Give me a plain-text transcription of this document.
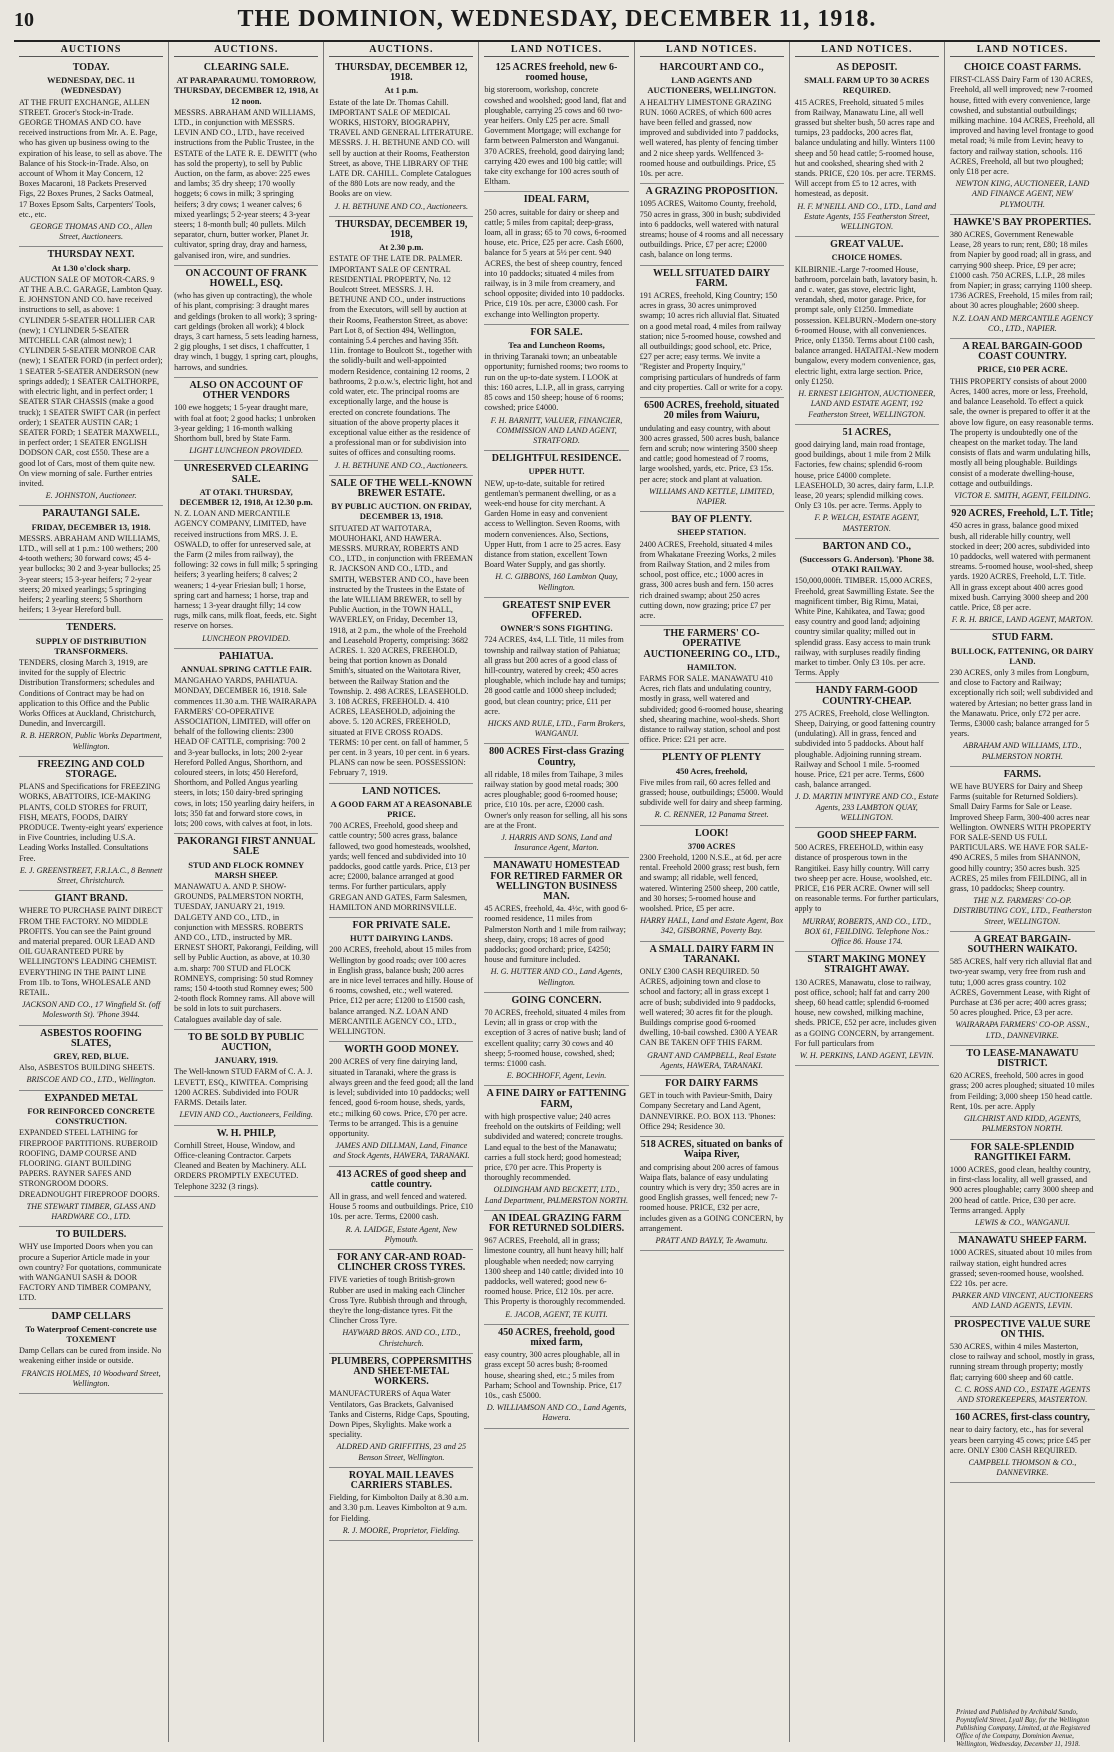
10	THE DOMINION, WEDNESDAY, DECEMBER 11, 1918.
AUCTIONS
TODAY.
WEDNESDAY, DEC. 11 (WEDNESDAY)
AT THE FRUIT EXCHANGE, ALLEN STREET. Grocer's Stock-in-Trade. GEORGE THOMAS AND CO. have received instructions from Mr. A. E. Page, who has given up business owing to the expiration of his lease, to sell as above. The Balance of his Stock-in-Trade. Also, on account of Whom it May Concern, 12 Boxes Macaroni, 18 Packets Preserved Figs, 22 Boxes Prunes, 2 Sacks Oatmeal, 17 Boxes Epsom Salts, Carpenters' Tools, etc., etc.
GEORGE THOMAS AND CO., Allen Street, Auctioneers.
THURSDAY NEXT.
At 1.30 o'clock sharp.
AUCTION SALE OF MOTOR-CARS. 9 AT THE A.B.C. GARAGE, Lambton Quay. E. JOHNSTON AND CO. have received instructions to sell, as above: 1 CYLINDER 5-SEATER HOLLIER CAR (new); 1 CYLINDER 5-SEATER MITCHELL CAR (almost new); 1 CYLINDER 5-SEATER MONROE CAR (new); 1 SEATER FORD (in perfect order); 1 SEATER 5-SEATER ANDERSON (new springs added); 1 SEATER CALTHORPE, with electric light, and in perfect order; 1 SEATER STAR CHASSIS (make a good truck); 1 SEATER SWIFT CAR (in perfect order); 1 SEATER AUSTIN CAR; 1 SEATER FORD; 1 SEATER MAXWELL, in perfect order; 1 SEATER ENGLISH DODSON CAR, cost £550. These are a good lot of Cars, most of them quite new. On view morning of sale. Further entries invited.
E. JOHNSTON, Auctioneer.
PARAUTANGI SALE.
FRIDAY, DECEMBER 13, 1918.
MESSRS. ABRAHAM AND WILLIAMS, LTD., will sell at 1 p.m.: 100 wethers; 200 4-tooth wethers; 30 forward cows; 45 4-year bullocks; 30 2 and 3-year bullocks; 25 3-year steers; 15 3-year heifers; 7 2-year steers; 20 mixed yearlings; 5 springing heifers; 2 yearling steers; 5 Shorthorn heifers; 1 3-year Hereford bull.
TENDERS.
SUPPLY OF DISTRIBUTION TRANSFORMERS.
TENDERS, closing March 3, 1919, are invited for the supply of Electric Distribution Transformers; schedules and Conditions of Contract may be had on application to this Office and the Public Works Offices at Auckland, Christchurch, Dunedin, and Invercargill.
R. B. HERRON, Public Works Department, Wellington.
FREEZING AND COLD STORAGE.
PLANS and Specifications for FREEZING WORKS, ABATTOIRS, ICE-MAKING PLANTS, COLD STORES for FRUIT, FISH, MEATS, FOODS, DAIRY PRODUCE. Twenty-eight years' experience in Five Countries, including U.S.A. Leading Works Installed. Consultations Free.
E. J. GREENSTREET, F.R.I.A.C., 8 Bennett Street, Christchurch.
GIANT BRAND.
WHERE TO PURCHASE PAINT DIRECT FROM THE FACTORY. NO MIDDLE PROFITS. You can see the Paint ground and material prepared. OUR LEAD AND OIL GUARANTEED PURE by WELLINGTON'S LEADING CHEMIST. EVERYTHING IN THE PAINT LINE From 1lb. to Tons, WHOLESALE AND RETAIL.
JACKSON AND CO., 17 Wingfield St. (off Molesworth St). 'Phone 3944.
ASBESTOS ROOFING SLATES,
GREY, RED, BLUE.
Also, ASBESTOS BUILDING SHEETS.
BRISCOE AND CO., LTD., Wellington.
EXPANDED METAL
FOR REINFORCED CONCRETE CONSTRUCTION.
EXPANDED STEEL LATHING for FIREPROOF PARTITIONS. RUBEROID ROOFING, DAMP COURSE AND FLOORING. GIANT BUILDING PAPERS. RAYNER SAFES AND STRONGROOM DOORS. DREADNOUGHT FIREPROOF DOORS.
THE STEWART TIMBER, GLASS AND HARDWARE CO., LTD.
TO BUILDERS.
WHY use Imported Doors when you can procure a Superior Article made in your own country? For quotations, communicate with WANGANUI SASH & DOOR FACTORY AND TIMBER COMPANY, LTD.
DAMP CELLARS
To Waterproof Cement-concrete use TOXEMENT
Damp Cellars can be cured from inside. No weakening either inside or outside.
FRANCIS HOLMES, 10 Woodward Street, Wellington.
AUCTIONS.
CLEARING SALE.
AT PARAPARAUMU. TOMORROW, THURSDAY, DECEMBER 12, 1918, At 12 noon.
MESSRS. ABRAHAM AND WILLIAMS, LTD., in conjunction with MESSRS. LEVIN AND CO., LTD., have received instructions from the Public Trustee, in the ESTATE of the LATE R. E. DEWITT (who has sold the property), to sell by Public Auction, on the farm, as above: 225 ewes and lambs; 35 dry sheep; 170 woolly hoggets; 6 cows in milk; 3 springing heifers; 3 dry cows; 1 weaner calves; 6 mixed yearlings; 5 2-year steers; 4 3-year steers; 1 8-month bull; 40 pullets. Milch separator, churn, butter worker, Planet Jr. cultivator, spring dray, dray and harness, galvanised iron, wire, and sundries.
ON ACCOUNT OF FRANK HOWELL, ESQ.
(who has given up contracting), the whole of his plant, comprising: 3 draught mares and geldings (broken to all work); 3 spring-cart geldings (broken all work); 4 block drays, 3 cart harness, 5 sets leading harness, 2 gig ploughs, 1 set discs, 1 chaffcutter, 1 dray winch, 1 buggy, 1 spring cart, ploughs, harrows, and sundries.
ALSO ON ACCOUNT OF OTHER VENDORS
100 ewe hoggets; 1 5-year draught mare, with foal at foot; 2 good hacks; 1 unbroken 3-year gelding; 1 16-month walking Shorthorn bull, bred by State Farm.
LIGHT LUNCHEON PROVIDED.
UNRESERVED CLEARING SALE.
AT OTAKI. THURSDAY, DECEMBER 12, 1918, At 12.30 p.m.
N. Z. LOAN AND MERCANTILE AGENCY COMPANY, LIMITED, have received instructions from MRS. J. E. OSWALD, to offer for unreserved sale, at the Farm (2 miles from railway), the following: 32 cows in full milk; 5 springing heifers; 3 yearling heifers; 8 calves; 2 weaners; 1 4-year Friesian bull; 1 horse, spring cart and harness; 1 horse, trap and harness; 1 3-year draught filly; 14 cow rugs, milk cans, milk float, feeds, etc. Sight reserve on horses.
LUNCHEON PROVIDED.
PAHIATUA.
ANNUAL SPRING CATTLE FAIR.
MANGAHAO YARDS, PAHIATUA. MONDAY, DECEMBER 16, 1918. Sale commences 11.30 a.m. THE WAIRARAPA FARMERS' CO-OPERATIVE ASSOCIATION, LIMITED, will offer on behalf of the following clients: 2300 HEAD OF CATTLE, comprising: 700 2 and 3-year bullocks, in lots; 200 2-year Hereford Polled Angus, Shorthorn, and coloured steers, in lots; 450 Hereford, Shorthorn, and Polled Angus yearling steers, in lots; 150 dairy-bred springing cows, in lots; 150 yearling dairy heifers, in lots; 350 fat and forward store cows, in lots; 200 cows, with calves at foot, in lots.
PAKORANGI FIRST ANNUAL SALE
STUD AND FLOCK ROMNEY MARSH SHEEP.
MANAWATU A. AND P. SHOW-GROUNDS, PALMERSTON NORTH, TUESDAY, JANUARY 21, 1919. DALGETY AND CO., LTD., in conjunction with MESSRS. ROBERTS AND CO., LTD., instructed by MR. ERNEST SHORT, Pakorangi, Feilding, will sell by Public Auction, as above, at 10.30 a.m. sharp: 700 STUD and FLOCK ROMNEYS, comprising: 50 stud Romney rams; 150 4-tooth stud Romney ewes; 500 2-tooth flock Romney rams. All above will be sold in lots to suit purchasers. Catalogues available day of sale.
TO BE SOLD BY PUBLIC AUCTION,
JANUARY, 1919.
The Well-known STUD FARM of C. A. J. LEVETT, ESQ., KIWITEA. Comprising 1200 ACRES. Subdivided into FOUR FARMS. Details later.
LEVIN AND CO., Auctioneers, Feilding.
W. H. PHILP,
Cornhill Street, House, Window, and Office-cleaning Contractor. Carpets Cleaned and Beaten by Machinery. ALL ORDERS PROMPTLY EXECUTED. Telephone 3232 (3 rings).
AUCTIONS.
THURSDAY, DECEMBER 12, 1918.
At 1 p.m.
Estate of the late Dr. Thomas Cahill. IMPORTANT SALE OF MEDICAL WORKS, HISTORY, BIOGRAPHY, TRAVEL AND GENERAL LITERATURE. MESSRS. J. H. BETHUNE AND CO. will sell by auction at their Rooms, Featherston Street, as above, THE LIBRARY OF THE LATE DR. CAHILL. Complete Catalogues of the 880 Lots are now ready, and the Books are on view.
J. H. BETHUNE AND CO., Auctioneers.
THURSDAY, DECEMBER 19, 1918,
At 2.30 p.m.
ESTATE OF THE LATE DR. PALMER. IMPORTANT SALE OF CENTRAL RESIDENTIAL PROPERTY, No. 12 Boulcott Street. MESSRS. J. H. BETHUNE AND CO., under instructions from the Executors, will sell by auction at their Rooms, Featherston Street, as above: Part Lot 8, of Section 494, Wellington, containing 5.4 perches and having 35ft. 11in. frontage to Boulcott St., together with the solidly-built and well-appointed modern Residence, containing 12 rooms, 2 bathrooms, 2 p.o.w.'s, electric light, hot and cold water, etc. The principal rooms are exceptionally large, and the house is erected on concrete foundations. The situation of the above property places it exceptional value either as the residence of a professional man or for subdivision into suites of offices and consulting rooms.
J. H. BETHUNE AND CO., Auctioneers.
SALE OF THE WELL-KNOWN BREWER ESTATE.
BY PUBLIC AUCTION. ON FRIDAY, DECEMBER 13, 1918.
SITUATED AT WAITOTARA, MOUHOHAKI, AND HAWERA. MESSRS. MURRAY, ROBERTS AND CO., LTD., in conjunction with FREEMAN R. JACKSON AND CO., LTD., and SMITH, WEBSTER AND CO., have been instructed by the Trustees in the Estate of the late WILLIAM BREWER, to sell by Public Auction, in the TOWN HALL, WAVERLEY, on Friday, December 13, 1918, at 2 p.m., the whole of the Freehold and Leasehold Property, comprising: 3682 ACRES. 1. 320 ACRES, FREEHOLD, being that portion known as Donald Smith's, situated on the Waitotara River, between the Railway Station and the Township. 2. 498 ACRES, LEASEHOLD. 3. 108 ACRES, FREEHOLD. 4. 410 ACRES, LEASEHOLD, adjoining the above. 5. 120 ACRES, FREEHOLD, situated at FIVE CROSS ROADS. TERMS: 10 per cent. on fall of hammer, 5 per cent. in 3 years, 10 per cent. in 6 years. PLANS can now be seen. POSSESSION: February 7, 1919.
LAND NOTICES.
A GOOD FARM AT A REASONABLE PRICE.
700 ACRES, Freehold, good sheep and cattle country; 500 acres grass, balance fallowed, two good homesteads, woolshed, yards; well fenced and subdivided into 10 paddocks, good cattle yards. Price, £13 per acre; £2000, balance arranged at good terms. For further particulars, apply GREGAN AND GATES, Farm Salesmen, HAMILTON AND MORRINSVILLE.
FOR PRIVATE SALE.
HUTT DAIRYING LANDS.
200 ACRES, freehold, about 15 miles from Wellington by good roads; over 100 acres in English grass, balance bush; 200 acres are in nice level terraces and hilly. House of 6 rooms, cowshed, etc.; well watered. Price, £12 per acre; £1200 to £1500 cash, balance arranged. N.Z. LOAN AND MERCANTILE AGENCY CO., LTD., WELLINGTON.
WORTH GOOD MONEY.
200 ACRES of very fine dairying land, situated in Taranaki, where the grass is always green and the feed good; all the land is level; subdivided into 10 paddocks; well fenced, good 6-room house, sheds, yards, etc.; milking 60 cows. Price, £70 per acre. Terms to be arranged. This is a genuine opportunity.
JAMES AND DILLMAN, Land, Finance and Stock Agents, HAWERA, TARANAKI.
413 ACRES of good sheep and cattle country.
All in grass, and well fenced and watered. House 5 rooms and outbuildings. Price, £10 10s. per acre. Terms, £2000 cash.
R. A. LAIDGE, Estate Agent, New Plymouth.
FOR ANY CAR-AND ROAD-CLINCHER CROSS TYRES.
FIVE varieties of tough British-grown Rubber are used in making each Clincher Cross Tyre. Rubbish through and through, they're the long-distance tyres. Fit the Clincher Cross Tyre.
HAYWARD BROS. AND CO., LTD., Christchurch.
PLUMBERS, COPPERSMITHS AND SHEET-METAL WORKERS.
MANUFACTURERS of Aqua Water Ventilators, Gas Brackets, Galvanised Tanks and Cisterns, Ridge Caps, Spouting, Down Pipes, Skylights. Make work a speciality.
ALDRED AND GRIFFITHS, 23 and 25 Benson Street, Wellington.
ROYAL MAIL LEAVES CARRIERS STABLES.
Fielding, for Kimbolton Daily at 8.30 a.m. and 3.30 p.m. Leaves Kimbolton at 9 a.m. for Fielding.
R. J. MOORE, Proprietor, Fielding.
LAND NOTICES.
125 ACRES freehold, new 6-roomed house,
big storeroom, workshop, concrete cowshed and woolshed; good land, flat and ploughable, carrying 25 cows and 60 two-year heifers. Only £25 per acre. Small Government Mortgage; will exchange for farm between Palmerston and Wanganui. 370 ACRES, freehold, good dairying land; carrying 420 ewes and 100 big cattle; will take city exchange for 100 acres south of Eltham.
IDEAL FARM,
250 acres, suitable for dairy or sheep and cattle; 5 miles from capital; deep-grass, loam, all in grass; 65 to 70 cows, 6-roomed house, etc. Price, £25 per acre. Cash £600, balance for 5 years at 5½ per cent. 940 ACRES, the best of sheep country, fenced into 10 paddocks; situated 4 miles from railway, is in 3 mile from creamery, and school opposite; divided into 10 paddocks. Price, £19 10s. per acre, £3000 cash. For exchange into Wellington property.
FOR SALE.
Tea and Luncheon Rooms,
in thriving Taranaki town; an unbeatable opportunity; furnished rooms; two rooms to run on the up-to-date system. I LOOK at this: 160 acres, L.I.P., all in grass, carrying 85 cows and 150 sheep; house of 6 rooms; cowshed; price £4000.
F. H. BARNITT, VALUER, FINANCIER, COMMISSION AND LAND AGENT, STRATFORD.
DELIGHTFUL RESIDENCE.
UPPER HUTT.
NEW, up-to-date, suitable for retired gentleman's permanent dwelling, or as a week-end house for city merchant. A Garden Home in easy and convenient access to Wellington. Seven Rooms, with modern conveniences. Also, Sections, Upper Hutt, from 1 acre to 25 acres. Easy distance from station, excellent Town Board Water Supply, and gas shortly.
H. C. GIBBONS, 160 Lambton Quay, Wellington.
GREATEST SNIP EVER OFFERED.
OWNER'S SONS FIGHTING.
724 ACRES, 4x4, L.I. Title, 11 miles from township and railway station of Pahiatua; all grass but 200 acres of a good class of hill-country, watered by creek; 450 acres ploughable, which include hay and turnips; 28 good cattle and 1000 sheep included; good, but clean country; price, £11 per acre.
HICKS AND RULE, LTD., Farm Brokers, WANGANUI.
800 ACRES First-class Grazing Country,
all ridable, 18 miles from Taihape, 3 miles railway station by good metal roads; 300 acres ploughable; good 6-roomed house; price, £10 10s. per acre, £2000 cash. Owner's only reason for selling, all his sons are at the Front.
J. HARRIS AND SONS, Land and Insurance Agent, Marton.
MANAWATU HOMESTEAD FOR RETIRED FARMER OR WELLINGTON BUSINESS MAN.
45 ACRES, freehold, 4a. 4½c, with good 6-roomed residence, 11 miles from Palmerston North and 1 mile from railway; sheep, dairy, crops; 18 acres of good paddocks; good orchard; price, £4250; house and furniture included.
H. G. HUTTER AND CO., Land Agents, Wellington.
GOING CONCERN.
70 ACRES, freehold, situated 4 miles from Levin; all in grass or crop with the exception of 3 acres of native bush; land of excellent quality; carry 30 cows and 40 sheep; 5-roomed house, cowshed, shed; terms: £1000 cash.
E. BOCHHOFF, Agent, Levin.
A FINE DAIRY or FATTENING FARM,
with high prospective value; 240 acres freehold on the outskirts of Feilding; well subdivided and watered; concrete troughs. Land equal to the best of the Manawatu; carries a full stock herd; good homestead; price, £70 per acre. This Property is thoroughly recommended.
OLDINGHAM AND BECKETT, LTD., Land Department, PALMERSTON NORTH.
AN IDEAL GRAZING FARM FOR RETURNED SOLDIERS.
967 ACRES, Freehold, all in grass; limestone country, all hunt heavy hill; half ploughable when needed; now carrying 1300 sheep and 140 cattle; divided into 10 paddocks, well watered; good new 6-roomed house. Price, £12 10s. per acre. This Property is thoroughly recommended.
E. JACOB, AGENT, TE KUITI.
450 ACRES, freehold, good mixed farm,
easy country, 300 acres ploughable, all in grass except 50 acres bush; 8-roomed house, shearing shed, etc.; 5 miles from Parham; School and Township. Price, £17 10s., cash £5000.
D. WILLIAMSON AND CO., Land Agents, Hawera.
LAND NOTICES.
HARCOURT AND CO.,
LAND AGENTS AND AUCTIONEERS, WELLINGTON.
A HEALTHY LIMESTONE GRAZING RUN. 1060 ACRES, of which 600 acres have been felled and grassed, now improved and subdivided into 7 paddocks, well watered, has plenty of fencing timber and 2 nice sheep yards. Wellfenced 3-roomed house and outbuildings. Price, £5 10s. per acre.
A GRAZING PROPOSITION.
1095 ACRES, Waitomo County, freehold, 750 acres in grass, 300 in bush; subdivided into 6 paddocks, well watered with natural streams; house of 4 rooms and all necessary outbuildings. Price, £7 per acre; £2000 cash, balance on long terms.
WELL SITUATED DAIRY FARM.
191 ACRES, freehold, King Country; 150 acres in grass, 30 acres unimproved swamp; 10 acres rich alluvial flat. Situated on a good metal road, 4 miles from railway station; nice 5-roomed house, cowshed and all outbuildings; good school, etc. Price, £27 per acre; easy terms. We invite a "Register and Property Inquiry," comprising particulars of hundreds of farm and city properties. Call or write for a copy.
6500 ACRES, freehold, situated 20 miles from Waiuru,
undulating and easy country, with about 300 acres grassed, 500 acres bush, balance fern and scrub; now wintering 3500 sheep and cattle; good homestead of 7 rooms, large woolshed, yards, etc. Price, £3 15s. per acre; stock and plant at valuation.
WILLIAMS AND KETTLE, LIMITED, NAPIER.
BAY OF PLENTY.
SHEEP STATION.
2400 ACRES, Freehold, situated 4 miles from Whakatane Freezing Works, 2 miles from Railway Station, and 2 miles from school, post office, etc.; 1000 acres in grass, 300 acres bush and fern. 150 acres rich drained swamp; about 250 acres cutting down, now grazing; price £7 per acre.
THE FARMERS' CO-OPERATIVE AUCTIONEERING CO., LTD.,
HAMILTON.
FARMS FOR SALE. MANAWATU 410 Acres, rich flats and undulating country, mostly in grass, well watered and subdivided; good 6-roomed house, shearing shed, shearing machine, wool-sheds. Short distance to railway station, school and post office. Price: £21 per acre.
PLENTY OF PLENTY
450 Acres, freehold,
Five miles from rail, 60 acres felled and grassed; house, outbuildings; £5000. Would subdivide well for dairy and sheep farming.
R. C. RENNER, 12 Panama Street.
LOOK!
3700 ACRES
2300 Freehold, 1200 N.S.E., at 6d. per acre rental. Freehold 2000 grass; rest bush, fern and swamp; all ridable, well fenced, watered. Wintering 2500 sheep, 200 cattle, and 30 horses; 5-roomed house and woolshed. Price, £5 per acre.
HARRY HALL, Land and Estate Agent, Box 342, GISBORNE, Poverty Bay.
A SMALL DAIRY FARM IN TARANAKI.
ONLY £300 CASH REQUIRED. 50 ACRES, adjoining town and close to school and factory; all in grass except 1 acre of bush; subdivided into 9 paddocks, well watered; 30 acres fit for the plough. Buildings comprise good 6-roomed dwelling, 10-bail cowshed. £300 A YEAR CAN BE TAKEN OFF THIS FARM.
GRANT AND CAMPBELL, Real Estate Agents, HAWERA, TARANAKI.
FOR DAIRY FARMS
GET in touch with Pavieur-Smith, Dairy Company Secretary and Land Agent, DANNEVIRKE. P.O. BOX 113. 'Phones: Office 294; Residence 30.
518 ACRES, situated on banks of Waipa River,
and comprising about 200 acres of famous Waipa flats, balance of easy undulating country which is very dry; 350 acres are in good English grasses, well fenced; new 7-roomed house. PRICE, £32 per acre, includes given as a GOING CONCERN, by arrangement.
PRATT AND BAYLY, Te Awamutu.
LAND NOTICES.
AS DEPOSIT.
SMALL FARM UP TO 30 ACRES REQUIRED.
415 ACRES, Freehold, situated 5 miles from Railway, Manawatu Line, all well grassed but shelter bush, 50 acres rape and turnips, 23 paddocks, 200 acres flat, balance undulating and hilly. Winters 1100 sheep and 50 head cattle; 5-roomed house, hut and cookshed, shearing shed with 2 stands. PRICE, £20 10s. per acre. TERMS. Will accept from £5 to 12 acres, with homestead, as deposit.
H. F. M'NEILL AND CO., LTD., Land and Estate Agents, 155 Featherston Street, WELLINGTON.
GREAT VALUE.
CHOICE HOMES.
KILBIRNIE.-Large 7-roomed House, bathroom, porcelain bath, lavatory basin, h. and c. water, gas stove, electric light, verandah, shed, motor garage. Price, for prompt sale, only £1250. Immediate possession. KELBURN.-Modern one-story 6-roomed House, with all conveniences. Price, only £1350. Terms about £100 cash, balance arranged. HATAITAI.-New modern bungalow, every modern convenience, gas, electric light, extra large section. Price, only £1250.
H. ERNEST LEIGHTON, AUCTIONEER, LAND AND ESTATE AGENT, 192 Featherston Street, WELLINGTON.
51 ACRES,
good dairying land, main road frontage, good buildings, about 1 mile from 2 Milk Factories, few chains; splendid 6-room house, price £4000 complete. LEASEHOLD, 30 acres, dairy farm, L.I.P. lease, 20 years; splendid milking cows. Only £3 10s. per acre. Terms. Apply to
F. P. WELCH, ESTATE AGENT, MASTERTON.
BARTON AND CO.,
(Successors G. Anderson). 'Phone 38. OTAKI RAILWAY.
150,000,000ft. TIMBER. 15,000 ACRES, Freehold, great Sawmilling Estate. See the magnificent timber, Big Rimu, Matai, White Pine, Kahikatea, and Tawa; good easy country and good land; adjoining country similar quality; milled out in splendid grass. Easy access to main trunk railway, with surpluses readily finding market to timber. Only £3 10s. per acre. Terms. Apply
HANDY FARM-GOOD COUNTRY-CHEAP.
275 ACRES, Freehold, close Wellington. Sheep, Dairying, or good fattening country (undulating). All in grass, fenced and subdivided into 5 paddocks. About half ploughable. Adjoining running stream. Railway and School 1 mile. 5-roomed house. Price, £21 per acre. Terms, £600 cash, balance arranged.
J. D. MARTIN M'INTYRE AND CO., Estate Agents, 233 LAMBTON QUAY, WELLINGTON.
GOOD SHEEP FARM.
500 ACRES, FREEHOLD, within easy distance of prosperous town in the Rangitikei. Easy hilly country. Will carry two sheep per acre. House, woolshed, etc. PRICE, £16 PER ACRE. Owner will sell on reasonable terms. For further particulars, apply to
MURRAY, ROBERTS, AND CO., LTD., BOX 61, FEILDING. Telephone Nos.: Office 86. House 174.
START MAKING MONEY STRAIGHT AWAY.
130 ACRES, Manawatu, close to railway, post office, school; half fat and carry 200 sheep, 60 head cattle; splendid 6-roomed house, new cowshed, milking machine, sheds. PRICE, £52 per acre, includes given as a GOING CONCERN, by arrangement. For full particulars from
W. H. PERKINS, LAND AGENT, LEVIN.
LAND NOTICES.
CHOICE COAST FARMS.
FIRST-CLASS Dairy Farm of 130 ACRES, Freehold, all well improved; new 7-roomed house, fitted with every convenience, large cowshed, and substantial outbuildings; milking machine. 104 ACRES, Freehold, all improved and having level frontage to good metal road; ¾ mile from Levin; heavy to factory and railway station, schools. 116 ACRES, Freehold, all but two ploughed; only £18 per acre.
NEWTON KING, AUCTIONEER, LAND AND FINANCE AGENT, NEW PLYMOUTH.
HAWKE'S BAY PROPERTIES.
380 ACRES, Government Renewable Lease, 28 years to run; rent, £80; 18 miles from Napier by good road; all in grass, and carrying 900 sheep. Price, £9 per acre; £1000 cash. 750 ACRES, L.I.P., 28 miles from Napier; in grass; carrying 1100 sheep. 1736 ACRES, Freehold, 15 miles from rail; about 30 acres ploughable; 2600 sheep.
N.Z. LOAN AND MERCANTILE AGENCY CO., LTD., NAPIER.
A REAL BARGAIN-GOOD COAST COUNTRY.
PRICE, £10 PER ACRE.
THIS PROPERTY consists of about 2000 Acres, 1400 acres, more or less, Freehold, and balance Leasehold. To effect a quick sale, the owner is prepared to offer it at the above low figure, on easy reasonable terms. The property is undoubtedly one of the cheapest on the market today. The land consists of flats and warm undulating hills, mostly all being ploughable. Buildings consist of a moderate dwelling-house, cottage and outbuildings.
VICTOR E. SMITH, AGENT, FEILDING.
920 ACRES, Freehold, L.T. Title;
450 acres in grass, balance good mixed bush, all riderable hilly country, well stocked in deer; 200 acres, subdivided into 10 paddocks, well watered with permanent streams. 5-roomed house, wool-shed, sheep yards. 1920 ACRES, Freehold, L.T. Title. All in grass except about 400 acres good mixed bush. Carrying 3000 sheep and 200 cattle. Price, £8 per acre.
F. R. H. BRICE, LAND AGENT, MARTON.
STUD FARM.
BULLOCK, FATTENING, OR DAIRY LAND.
230 ACRES, only 3 miles from Longburn, and close to Factory and Railway; exceptionally rich soil; well subdivided and watered by Artesian; no better grass land in the Manawatu. Price, only £72 per acre. Terms, £3000 cash; balance arranged for 5 years.
ABRAHAM AND WILLIAMS, LTD., PALMERSTON NORTH.
FARMS.
WE have BUYERS for Dairy and Sheep Farms (suitable for Returned Soldiers). Small Dairy Farms for Sale or Lease. Improved Sheep Farm, 300-400 acres near Wellington. OWNERS WITH PROPERTY FOR SALE-SEND US FULL PARTICULARS. WE HAVE FOR SALE- 490 ACRES, 5 miles from SHANNON, good hilly country; 350 acres bush. 325 ACRES, 25 miles from FEILDING, all in grass, 10 paddocks; Sheep country.
THE N.Z. FARMERS' CO-OP. DISTRIBUTING COY., LTD., Featherston Street, WELLINGTON.
A GREAT BARGAIN-SOUTHERN WAIKATO.
585 ACRES, half very rich alluvial flat and two-year swamp, very free from rush and tutu; 1,000 acres grass country. 102 ACRES, Government Lease, with Right of Purchase at £36 per acre; 400 acres grass; 50 acres ploughed. Price, £3 per acre.
WAIRARAPA FARMERS' CO-OP. ASSN., LTD., DANNEVIRKE.
TO LEASE-MANAWATU DISTRICT.
620 ACRES, freehold, 500 acres in good grass; 200 acres ploughed; situated 10 miles from Feilding; 3,000 sheep 150 head cattle. Rent, 10s. per acre. Apply
GILCHRIST AND KIDD, AGENTS, PALMERSTON NORTH.
FOR SALE-SPLENDID RANGITIKEI FARM.
1000 ACRES, good clean, healthy country, in first-class locality, all well grassed, and 900 acres ploughable; carry 3000 sheep and 200 head of cattle. Price, £30 per acre. Terms arranged. Apply
LEWIS & CO., WANGANUI.
MANAWATU SHEEP FARM.
1000 ACRES, situated about 10 miles from railway station, eight hundred acres grassed; seven-roomed house, woolshed. £22 10s. per acre.
PARKER AND VINCENT, AUCTIONEERS AND LAND AGENTS, LEVIN.
PROSPECTIVE VALUE SURE ON THIS.
530 ACRES, within 4 miles Masterton, close to railway and school, mostly in grass, running stream through property; mostly flat; carrying 600 sheep and 60 cattle.
C. C. ROSS AND CO., ESTATE AGENTS AND STOREKEEPERS, MASTERTON.
160 ACRES, first-class country,
near to dairy factory, etc., has for several years been carrying 45 cows; price £45 per acre. ONLY £300 CASH REQUIRED.
CAMPBELL THOMSON & CO., DANNEVIRKE.
Printed and Published by Archibald Sando, Poyntzfield Street, Lyall Bay, for the Wellington Publishing Company, Limited, at the Registered Office of the Company, Dominion Avenue, Wellington, Wednesday, December 11, 1918.
